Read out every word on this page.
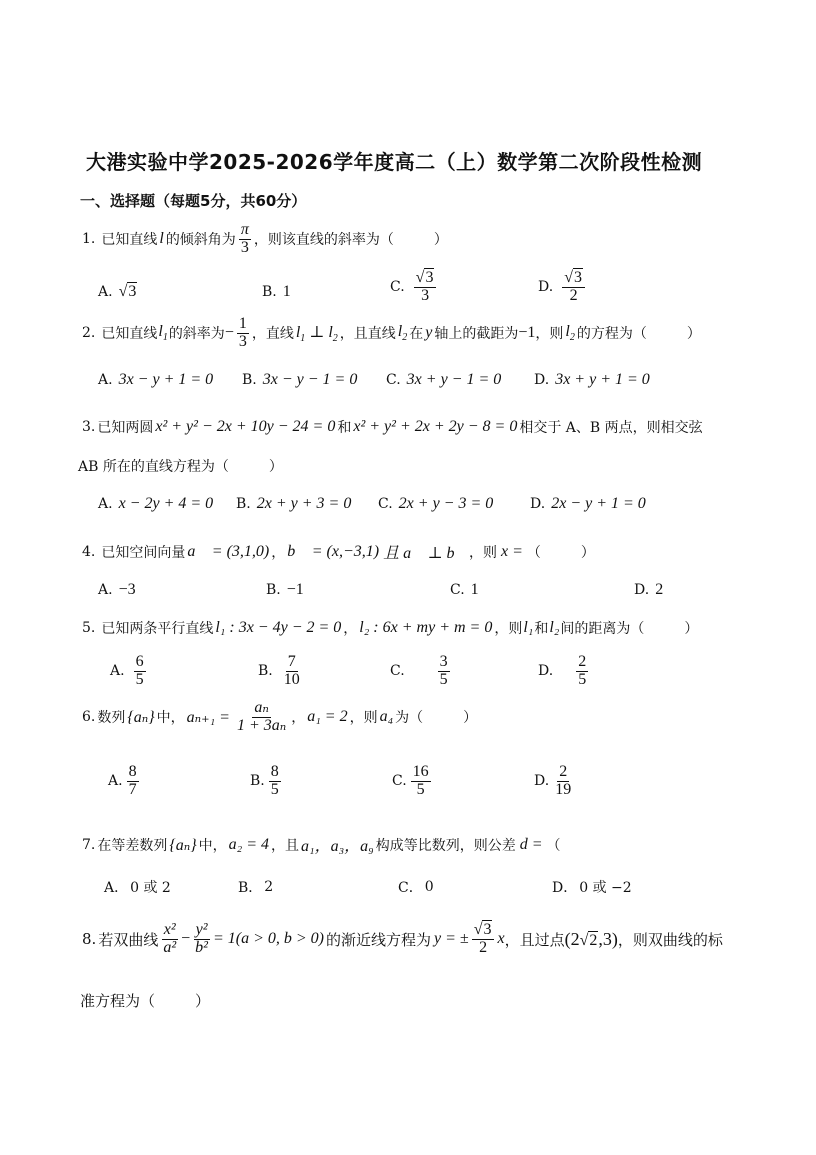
大港实验中学2025-2026学年度高二（上）数学第二次阶段性检测
一、选择题（每题5分，共60分）
1. 已知直线 l 的倾斜角为 $\frac{\pi}{3}$ ，则该直线的斜率为（	）
A. √3	B. 1	C. $\frac{√3}{3}$	D. $\frac{√3}{2}$
2. 已知直线 $l_1$ 的斜率为 − $\frac{1}{3}$ ，直线 $l_1$ ⊥ $l_2$ ，且直线 $l_2$ 在 y 轴上的截距为 −1 ，则 $l_2$ 的方程为（	）
A. 3x − y + 1 = 0 B. 3x − y − 1 = 0 C. 3x + y − 1 = 0 D. 3x + y + 1 = 0
3. 已知两圆 x² + y² − 2x + 10y − 24 = 0 和 x² + y² + 2x + 2y − 8 = 0 相交于 A、B 两点，则相交弦
AB 所在的直线方程为（	）
A. x − 2y + 4 = 0 B. 2x + y + 3 = 0 C. 2x + y − 3 = 0	D. 2x − y + 1 = 0
4. 已知空间向量 a⃗ = (3,1,0) ， b⃗ = (x,−3,1) 且 a⃗ ⊥ b⃗ ，则 x = （	）
A. −3	B. −1	C. 1	D. 2
5. 已知两条平行直线 l₁ : 3x − 4y − 2 = 0 ， l₂ : 6x + my + m = 0 ，则 l₁ 和 l₂ 间的距离为（	）
A. $\frac{6}{5}$	B. $\frac{7}{10}$	C. $\frac{3}{5}$	D. $\frac{2}{5}$
6. 数列 {aₙ} 中， $a_{n+1} = \frac{\text{aₙ}}{\text{1 + 3aₙ}}$ ， a₁ = 2 ，则 a₄ 为（	）
A. $\frac{8}{7}$	B. $\frac{8}{5}$	C. $\frac{16}{5}$	D. $\frac{2}{19}$
7. 在等差数列 {aₙ} 中， a₂ = 4 ，且 a₁，a₃，a₉ 构成等比数列，则公差 d = （
A． 0 或 2	B． 2	C． 0	D． 0 或 −2
8. 若双曲线 $\frac{\text{x²}}{\text{a²}} - \frac{\text{y²}}{\text{b²}} = 1(a > 0$, b > 0) 的渐近线方程为 y = ± $\frac{√3}{2}$ x ，且过点 (2√2,3) ，则双曲线的标
准方程为（	）
